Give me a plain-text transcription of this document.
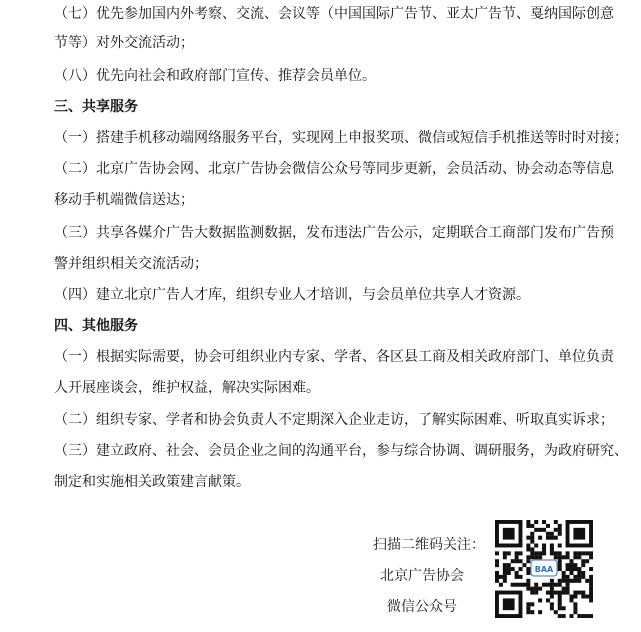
（七）优先参加国内外考察、交流、会议等（中国国际广告节、亚太广告节、戛纳国际创意
节等）对外交流活动；
（八）优先向社会和政府部门宣传、推荐会员单位。
三、共享服务
（一）搭建手机移动端网络服务平台，实现网上申报奖项、微信或短信手机推送等时时对接；
（二）北京广告协会网、北京广告协会微信公众号等同步更新，会员活动、协会动态等信息
移动手机端微信送达；
（三）共享各媒介广告大数据监测数据，发布违法广告公示，定期联合工商部门发布广告预
警并组织相关交流活动；
（四）建立北京广告人才库，组织专业人才培训，与会员单位共享人才资源。
四、其他服务
（一）根据实际需要，协会可组织业内专家、学者、各区县工商及相关政府部门、单位负责
人开展座谈会，维护权益，解决实际困难。
（二）组织专家、学者和协会负责人不定期深入企业走访，了解实际困难、听取真实诉求；
（三）建立政府、社会、会员企业之间的沟通平台，参与综合协调、调研服务，为政府研究、
制定和实施相关政策建言献策。
扫描二维码关注：
北京广告协会
微信公众号
BAA
